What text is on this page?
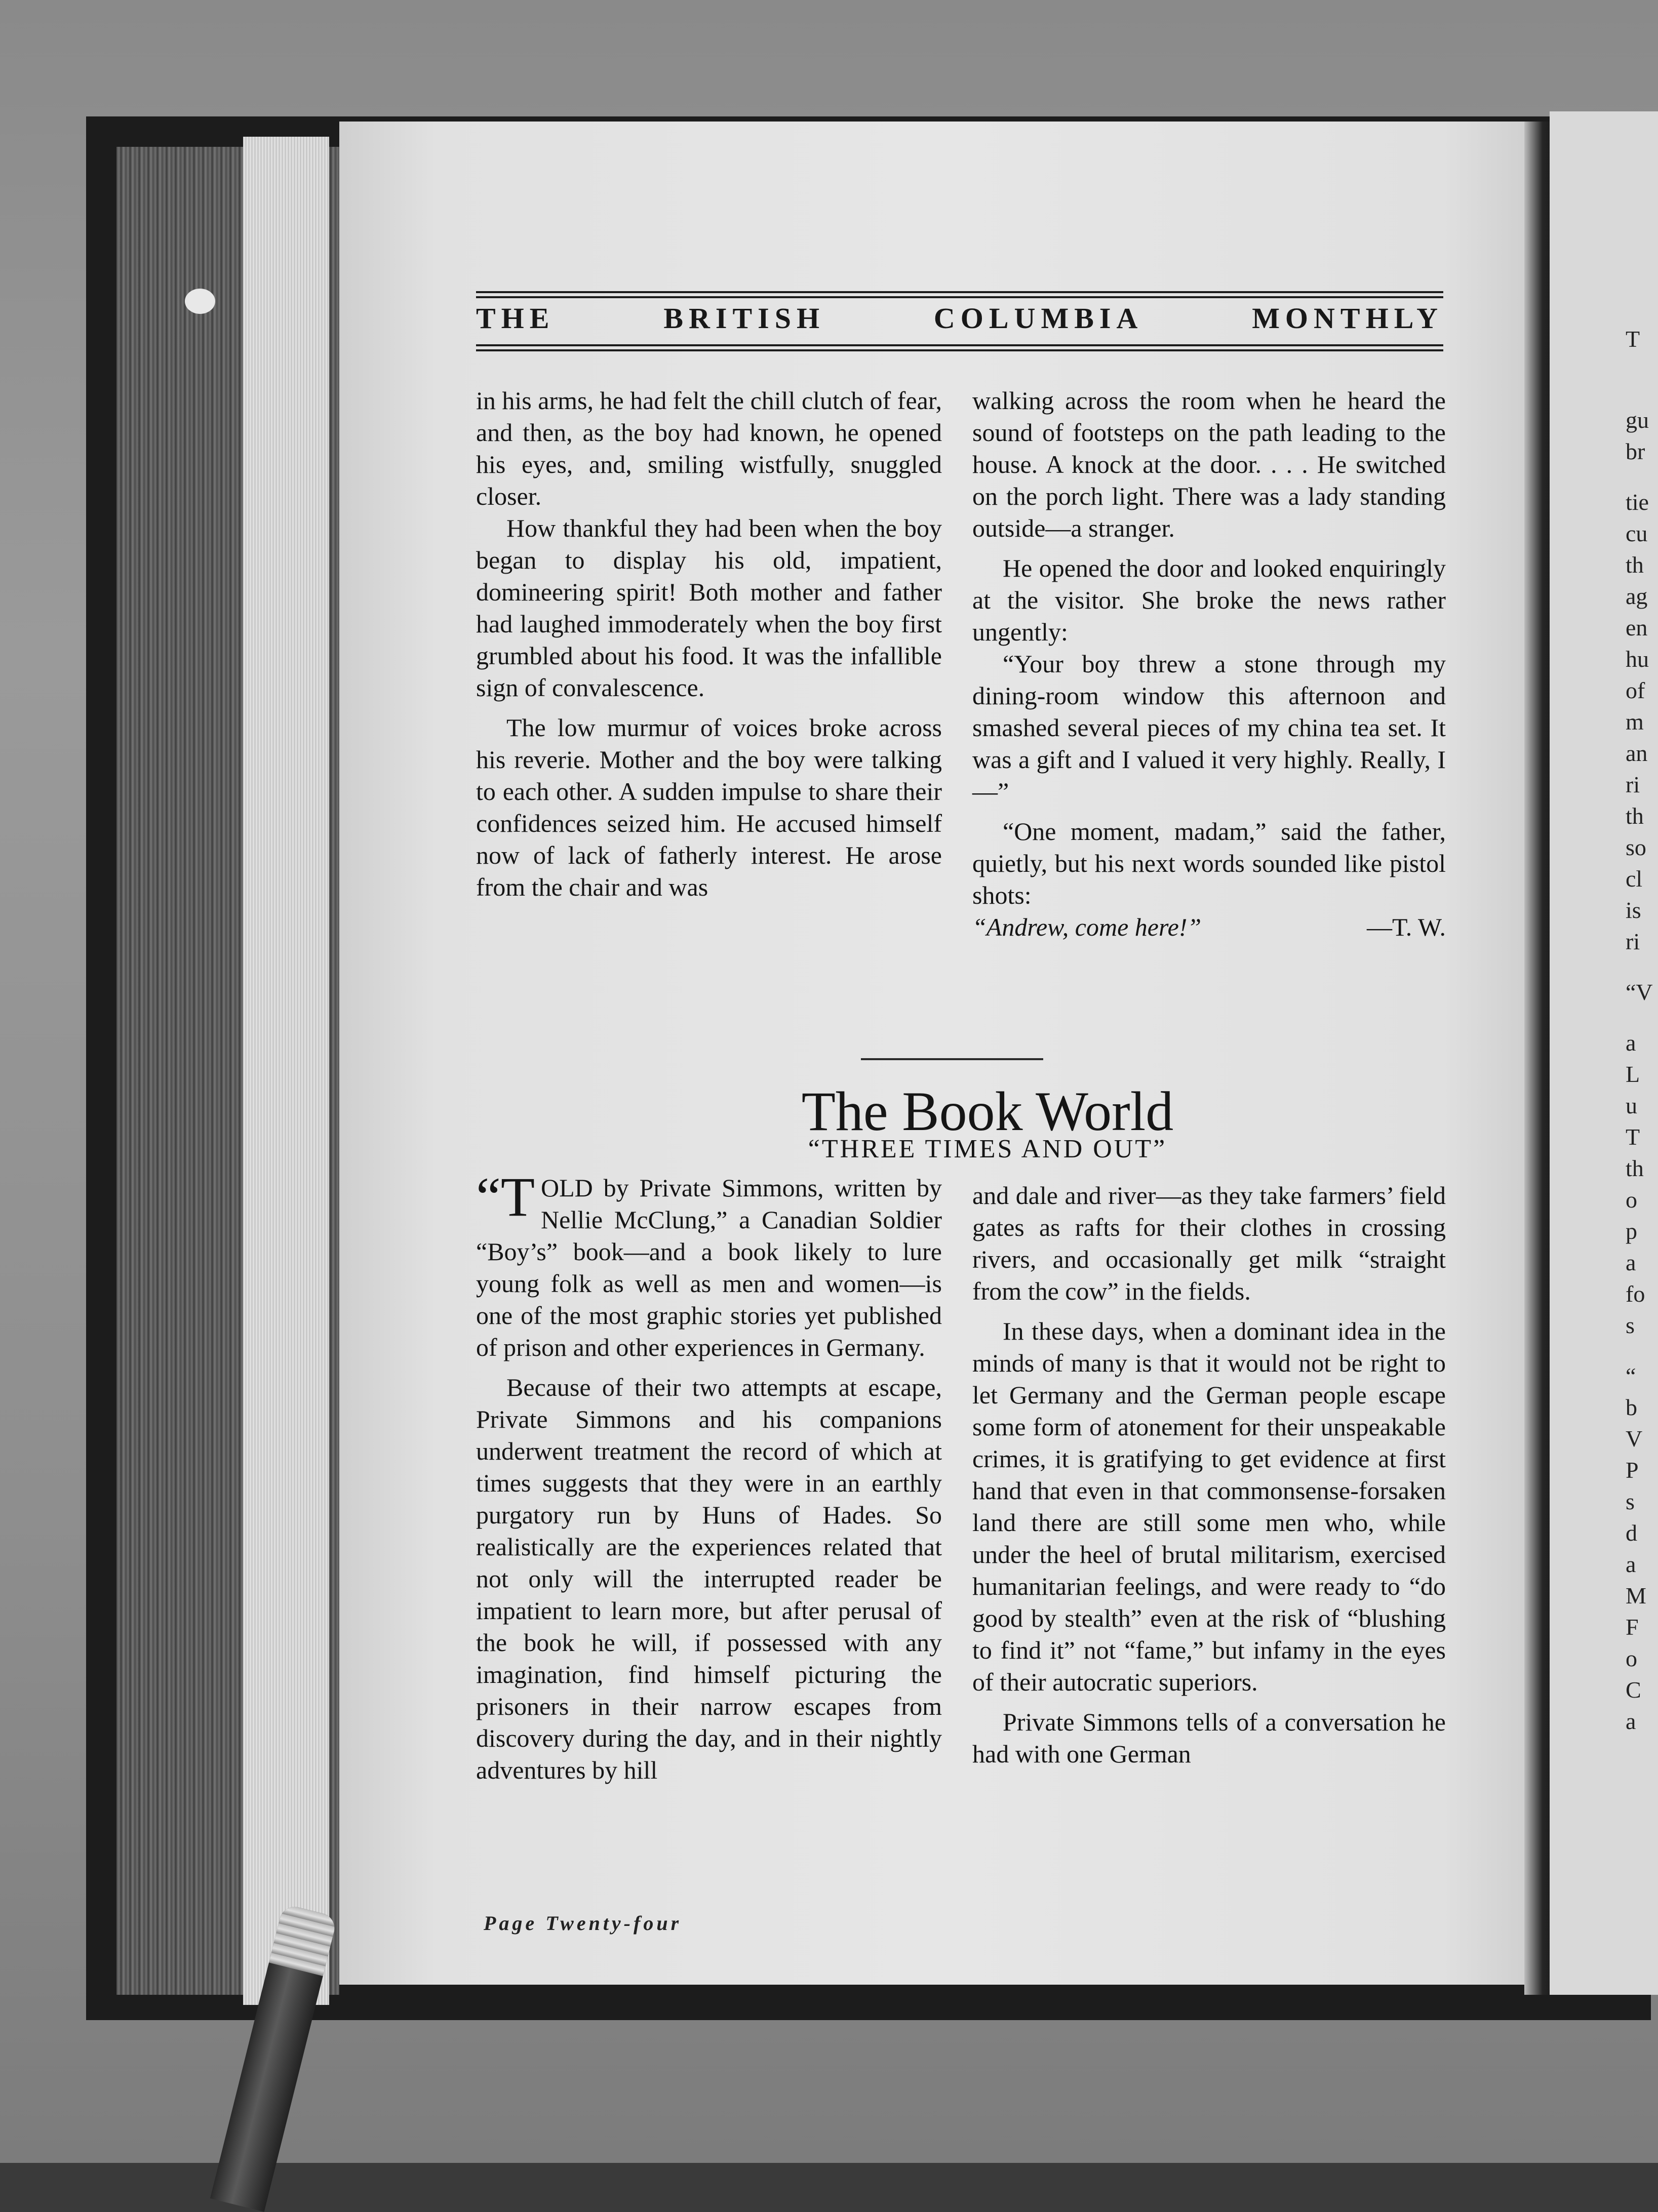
T
gu
br
tie
cu
th
ag
en
hu
of
m
an
ri
th
so
cl
is
ri
“V
a
L
u
T
th
o
p
a
fo
s
“
b
V
P
s
d
a
M
F
o
C
a
THE	BRITISH	COLUMBIA	MONTHLY

in his arms, he had felt the chill clutch of fear, and then, as the boy had known, he opened his eyes, and, smiling wistfully, snuggled closer.

How thankful they had been when the boy began to display his old, impatient, domineering spirit! Both mother and father had laughed immoderately when the boy first grumbled about his food. It was the infallible sign of convalescence.

The low murmur of voices broke across his reverie. Mother and the boy were talking to each other. A sudden impulse to share their confidences seized him. He accused himself now of lack of fatherly interest. He arose from the chair and was

walking across the room when he heard the sound of footsteps on the path leading to the house. A knock at the door. . . . He switched on the porch light. There was a lady standing outside—a stranger.

He opened the door and looked enquiringly at the visitor. She broke the news rather ungently:

“Your boy threw a stone through my dining-room window this afternoon and smashed several pieces of my china tea set. It was a gift and I valued it very highly. Really, I—”

“One moment, madam,” said the father, quietly, but his next words sounded like pistol shots:

“Andrew, come here!”	—T. W.
The Book World
“THREE TIMES AND OUT”

“TOLD by Private Simmons, written by Nellie McClung,” a Canadian Soldier “Boy’s” book—and a book likely to lure young folk as well as men and women—is one of the most graphic stories yet published of prison and other experiences in Germany.

Because of their two attempts at escape, Private Simmons and his companions underwent treatment the record of which at times suggests that they were in an earthly purgatory run by Huns of Hades. So realistically are the experiences related that not only will the interrupted reader be impatient to learn more, but after perusal of the book he will, if possessed with any imagination, find himself picturing the prisoners in their narrow escapes from discovery during the day, and in their nightly adventures by hill

and dale and river—as they take farmers’ field gates as rafts for their clothes in crossing rivers, and occasionally get milk “straight from the cow” in the fields.

In these days, when a dominant idea in the minds of many is that it would not be right to let Germany and the German people escape some form of atonement for their unspeakable crimes, it is gratifying to get evidence at first hand that even in that commonsense-forsaken land there are still some men who, while under the heel of brutal militarism, exercised humanitarian feelings, and were ready to “do good by stealth” even at the risk of “blushing to find it” not “fame,” but infamy in the eyes of their autocratic superiors.

Private Simmons tells of a conversation he had with one German

Page Twenty-four
